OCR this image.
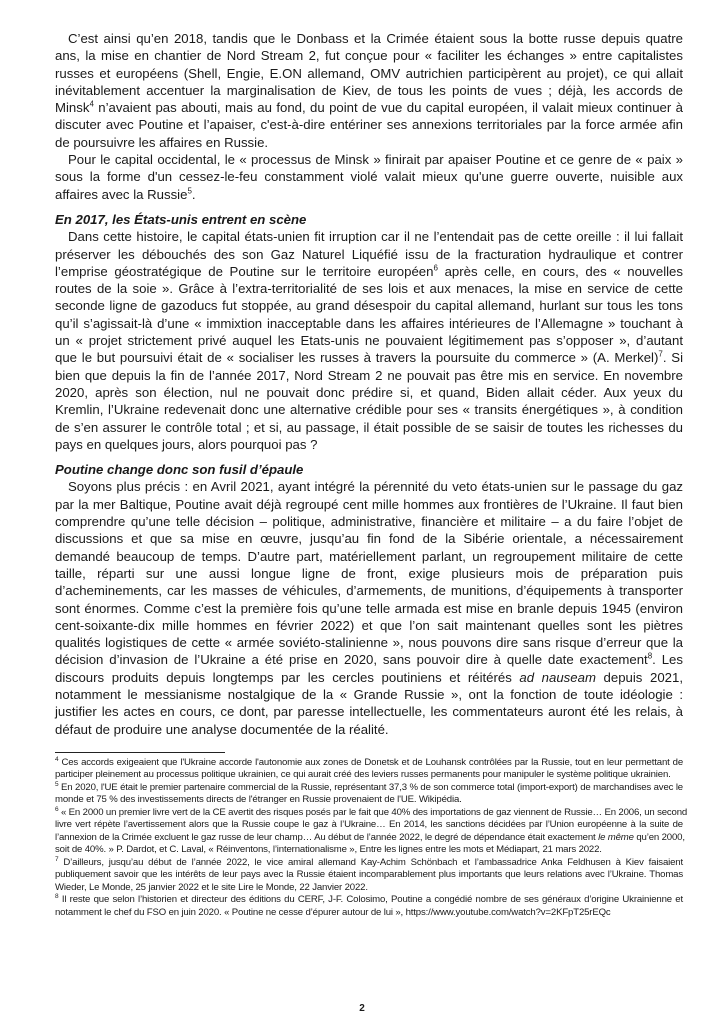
C’est ainsi qu’en 2018, tandis que le Donbass et la Crimée étaient sous la botte russe depuis quatre
ans, la mise en chantier de Nord Stream 2, fut conçue pour « faciliter les échanges » entre capitalistes
russes et européens (Shell, Engie, E.ON allemand, OMV autrichien participèrent au projet), ce qui allait
inévitablement accentuer la marginalisation de Kiev, de tous les points de vues ; déjà, les accords de
Minsk$^4$ n’avaient pas abouti, mais au fond, du point de vue du capital européen, il valait mieux continuer à
discuter avec Poutine et l’apaiser, c'est-à-dire entériner ses annexions territoriales par la force armée afin
de poursuivre les affaires en Russie.
Pour le capital occidental, le « processus de Minsk » finirait par apaiser Poutine et ce genre de « paix »
sous la forme d'un cessez-le-feu constamment violé valait mieux qu'une guerre ouverte, nuisible aux
affaires avec la Russie$^5$.
En 2017, les États-unis entrent en scène
Dans cette histoire, le capital états-unien fit irruption car il ne l’entendait pas de cette oreille : il lui fallait
préserver les débouchés des son Gaz Naturel Liquéfié issu de la fracturation hydraulique et contrer
l’emprise géostratégique de Poutine sur le territoire européen$^6$ après celle, en cours, des « nouvelles
routes de la soie ». Grâce à l’extra-territorialité de ses lois et aux menaces, la mise en service de cette
seconde ligne de gazoducs fut stoppée, au grand désespoir du capital allemand, hurlant sur tous les tons
qu’il s’agissait-là d’une « immixtion inacceptable dans les affaires intérieures de l’Allemagne » touchant à
un « projet strictement privé auquel les Etats-unis ne pouvaient légitimement pas s’opposer », d’autant
que le but poursuivi était de « socialiser les russes à travers la poursuite du commerce » (A. Merkel)$^7$. Si
bien que depuis la fin de l’année 2017, Nord Stream 2 ne pouvait pas être mis en service. En novembre
2020, après son élection, nul ne pouvait donc prédire si, et quand, Biden allait céder. Aux yeux du
Kremlin, l’Ukraine redevenait donc une alternative crédible pour ses « transits énergétiques », à condition
de s’en assurer le contrôle total ; et si, au passage, il était possible de se saisir de toutes les richesses du
pays en quelques jours, alors pourquoi pas ?
Poutine change donc son fusil d’épaule
Soyons plus précis : en Avril 2021, ayant intégré la pérennité du veto états-unien sur le passage du gaz
par la mer Baltique, Poutine avait déjà regroupé cent mille hommes aux frontières de l’Ukraine. Il faut bien
comprendre qu’une telle décision – politique, administrative, financière et militaire – a du faire l’objet de
discussions et que sa mise en œuvre, jusqu’au fin fond de la Sibérie orientale, a nécessairement
demandé beaucoup de temps. D’autre part, matériellement parlant, un regroupement militaire de cette
taille, réparti sur une aussi longue ligne de front, exige plusieurs mois de préparation puis
d’acheminements, car les masses de véhicules, d’armements, de munitions, d’équipements à transporter
sont énormes. Comme c’est la première fois qu’une telle armada est mise en branle depuis 1945 (environ
cent-soixante-dix mille hommes en février 2022) et que l’on sait maintenant quelles sont les piètres
qualités logistiques de cette « armée soviéto-stalinienne », nous pouvons dire sans risque d’erreur que la
décision d’invasion de l’Ukraine a été prise en 2020, sans pouvoir dire à quelle date exactement$^8$. Les
discours produits depuis longtemps par les cercles poutiniens et réitérés ad nauseam depuis 2021,
notamment le messianisme nostalgique de la « Grande Russie », ont la fonction de toute idéologie :
justifier les actes en cours, ce dont, par paresse intellectuelle, les commentateurs auront été les relais, à
défaut de produire une analyse documentée de la réalité.
$^4$ Ces accords exigeaient que l'Ukraine accorde l'autonomie aux zones de Donetsk et de Louhansk contrôlées par la Russie, tout en leur permettant de
participer pleinement au processus politique ukrainien, ce qui aurait créé des leviers russes permanents pour manipuler le système politique ukrainien.
$^5$ En 2020, l'UE était le premier partenaire commercial de la Russie, représentant 37,3 % de son commerce total (import-export) de marchandises avec le
monde et 75 % des investissements directs de l'étranger en Russie provenaient de l'UE. Wikipédia.
$^6$ « En 2000 un premier livre vert de la CE avertit des risques posés par le fait que 40% des importations de gaz viennent de Russie… En 2006, un second
livre vert répète l’avertissement alors que la Russie coupe le gaz à l’Ukraine… En 2014, les sanctions décidées par l’Union européenne à la suite de
l’annexion de la Crimée excluent le gaz russe de leur champ… Au début de l’année 2022, le degré de dépendance était exactement le même qu’en 2000,
soit de 40%. » P. Dardot, et C. Laval, « Réinventons, l’internationalisme », Entre les lignes entre les mots et Médiapart, 21 mars 2022.
$^7$ D’ailleurs, jusqu’au début de l’année 2022, le vice amiral allemand Kay-Achim Schönbach et l’ambassadrice Anka Feldhusen à Kiev faisaient
publiquement savoir que les intérêts de leur pays avec la Russie étaient incomparablement plus importants que leurs relations avec l’Ukraine. Thomas
Wieder, Le Monde, 25 janvier 2022 et le site Lire le Monde, 22 Janvier 2022.
$^8$ Il reste que selon l’historien et directeur des éditions du CERF, J-F. Colosimo, Poutine a congédié nombre de ses généraux d’origine Ukrainienne et
notamment le chef du FSO en juin 2020. « Poutine ne cesse d’épurer autour de lui », https://www.youtube.com/watch?v=2KFpT25rEQc
2
